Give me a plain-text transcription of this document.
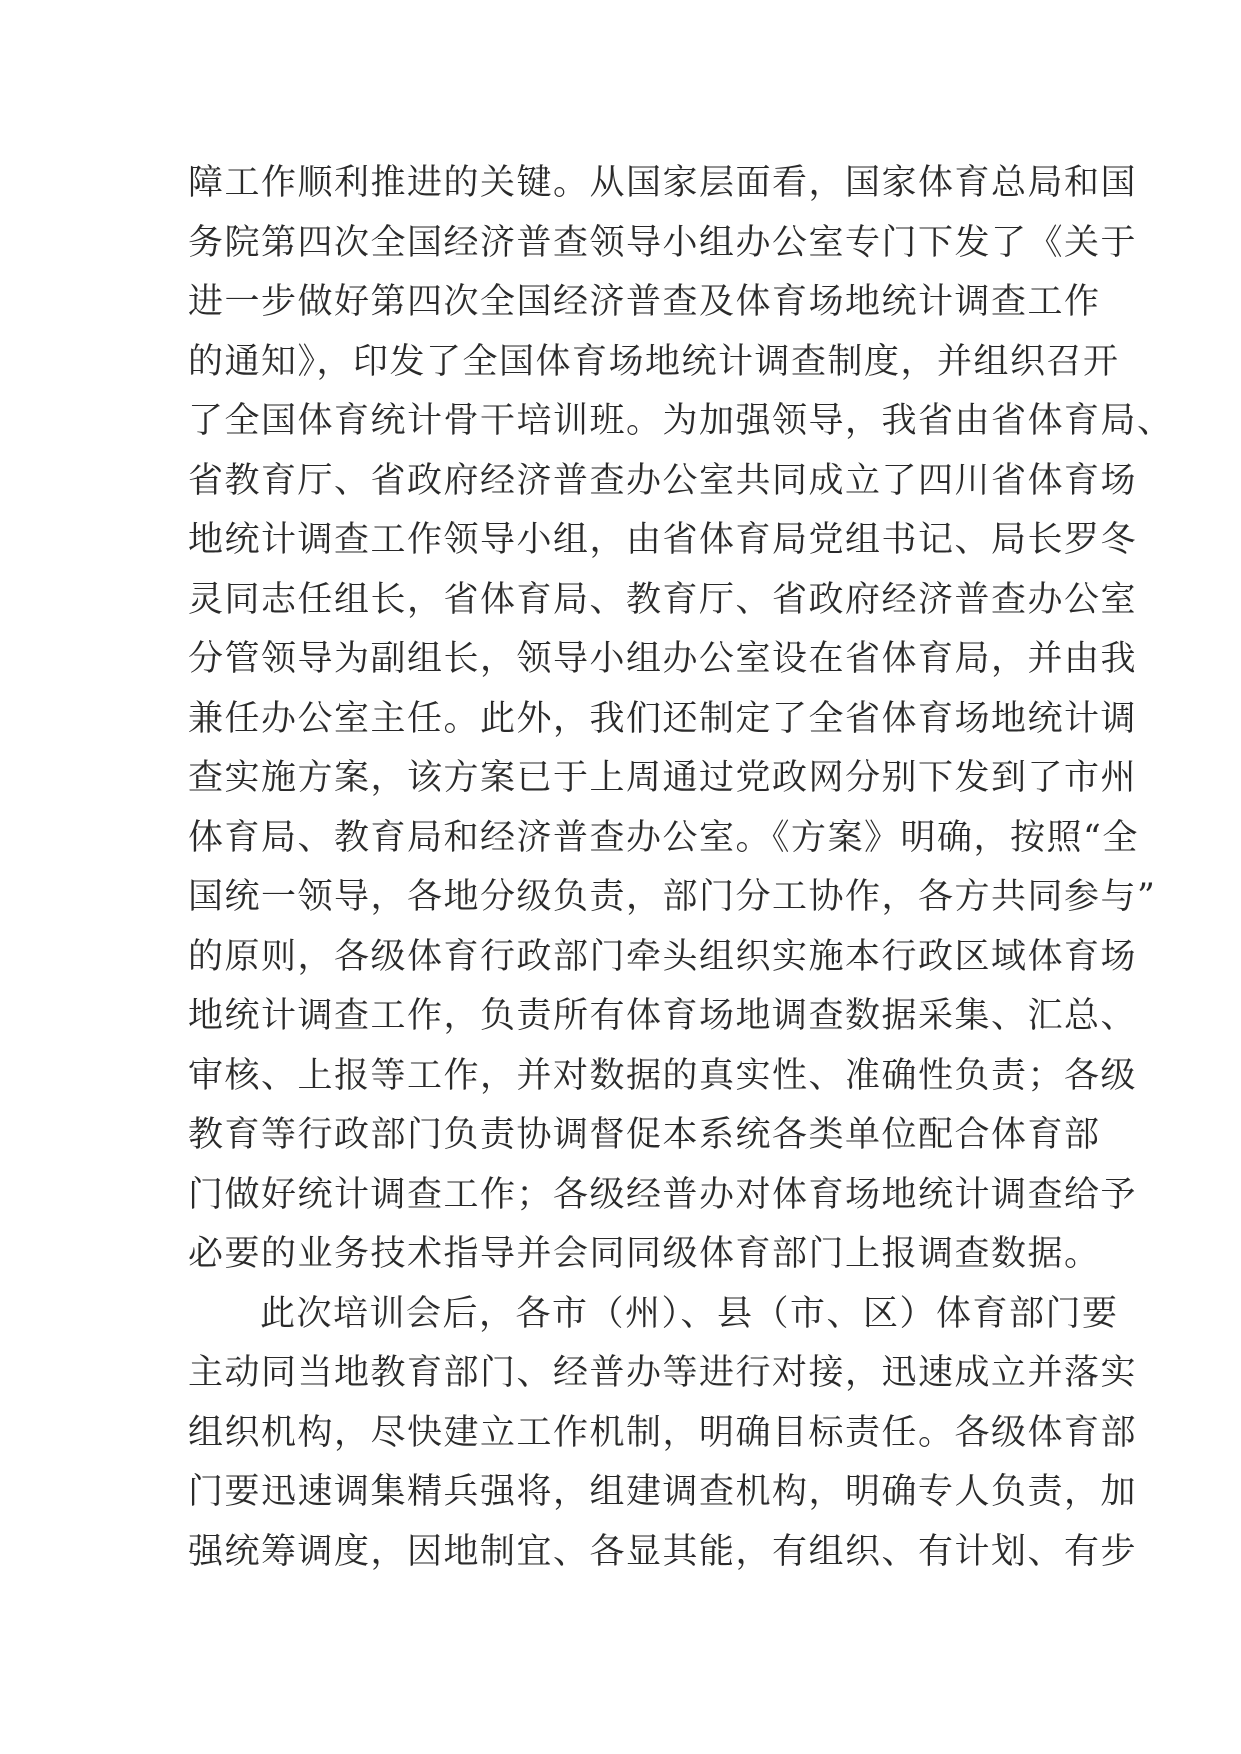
障工作顺利推进的关键。从国家层面看，国家体育总局和国
务院第四次全国经济普查领导小组办公室专门下发了《关于
进一步做好第四次全国经济普查及体育场地统计调查工作
的通知》，印发了全国体育场地统计调查制度，并组织召开
了全国体育统计骨干培训班。为加强领导，我省由省体育局、
省教育厅、省政府经济普查办公室共同成立了四川省体育场
地统计调查工作领导小组，由省体育局党组书记、局长罗冬
灵同志任组长，省体育局、教育厅、省政府经济普查办公室
分管领导为副组长，领导小组办公室设在省体育局，并由我
兼任办公室主任。此外，我们还制定了全省体育场地统计调
查实施方案，该方案已于上周通过党政网分别下发到了市州
体育局、教育局和经济普查办公室。《方案》明确，按照“全
国统一领导，各地分级负责，部门分工协作，各方共同参与”
的原则，各级体育行政部门牵头组织实施本行政区域体育场
地统计调查工作，负责所有体育场地调查数据采集、汇总、
审核、上报等工作，并对数据的真实性、准确性负责；各级
教育等行政部门负责协调督促本系统各类单位配合体育部
门做好统计调查工作；各级经普办对体育场地统计调查给予
必要的业务技术指导并会同同级体育部门上报调查数据。
此次培训会后，各市（州）、县（市、区）体育部门要
主动同当地教育部门、经普办等进行对接，迅速成立并落实
组织机构，尽快建立工作机制，明确目标责任。各级体育部
门要迅速调集精兵强将，组建调查机构，明确专人负责，加
强统筹调度，因地制宜、各显其能，有组织、有计划、有步
